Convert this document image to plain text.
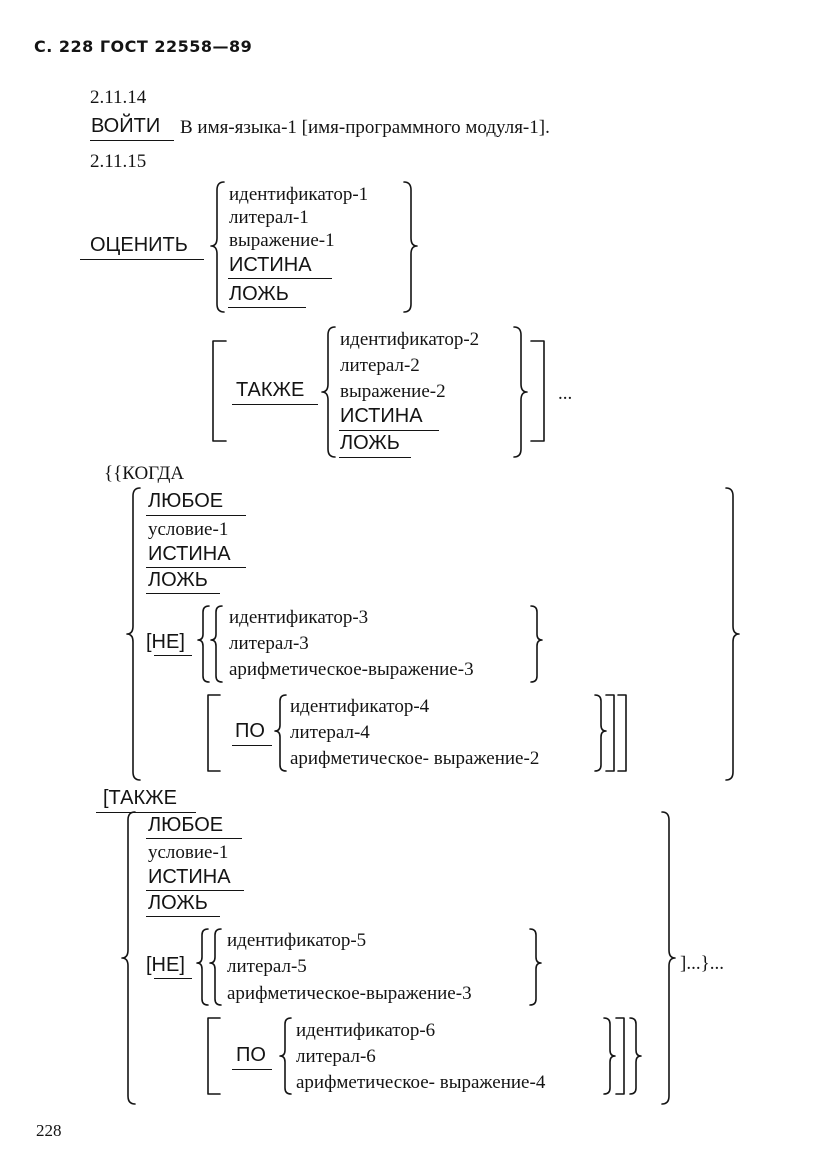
С. 228 ГОСТ 22558—89
2.11.14
ВОЙТИ В имя-языка-1 [имя-программного модуля-1].
2.11.15
ОЦЕНИТЬ
идентификатор-1
литерал-1
выражение-1
ИСТИНА
ЛОЖЬ
ТАКЖЕ
идентификатор-2
литерал-2
выражение-2
ИСТИНА
ЛОЖЬ
...
{{КОГДА
ЛЮБОЕ
условие-1
ИСТИНА
ЛОЖЬ
[НЕ]
идентификатор-3
литерал-3
арифметическое-выражение-3
ПО
идентификатор-4
литерал-4
арифметическое- выражение-2
[ТАКЖЕ
ЛЮБОЕ
условие-1
ИСТИНА
ЛОЖЬ
[НЕ]
идентификатор-5
литерал-5
арифметическое-выражение-3
ПО
идентификатор-6
литерал-6
арифметическое- выражение-4
]...}...
228
